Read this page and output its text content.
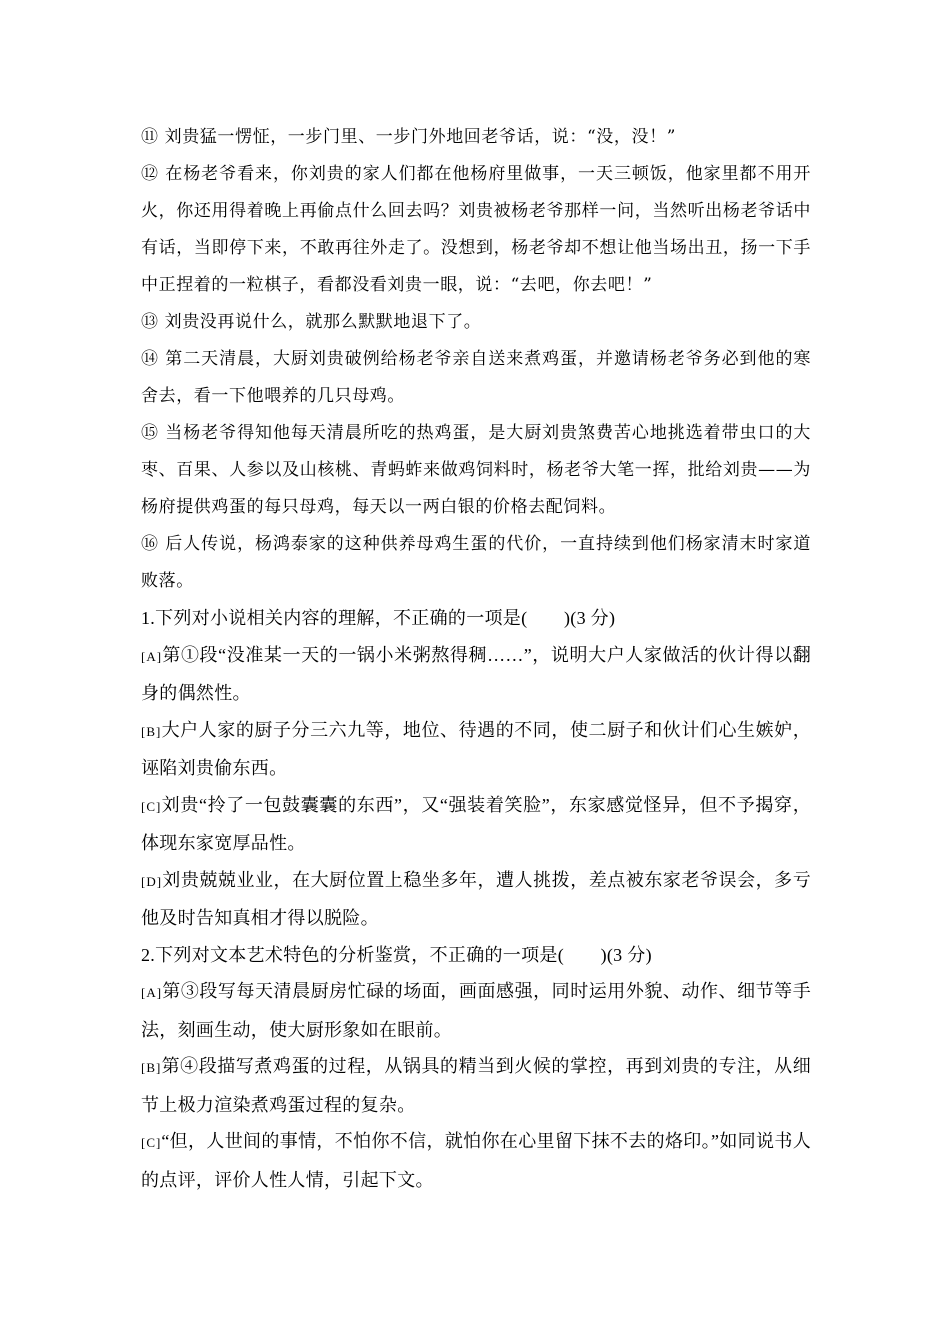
⑪ 刘贵猛一愣怔，一步门里、一步门外地回老爷话，说：“没，没！”

⑫ 在杨老爷看来，你刘贵的家人们都在他杨府里做事，一天三顿饭，他家里都不用开火，你还用得着晚上再偷点什么回去吗？刘贵被杨老爷那样一问，当然听出杨老爷话中有话，当即停下来，不敢再往外走了。没想到，杨老爷却不想让他当场出丑，扬一下手中正捏着的一粒棋子，看都没看刘贵一眼，说：“去吧，你去吧！”

⑬ 刘贵没再说什么，就那么默默地退下了。

⑭ 第二天清晨，大厨刘贵破例给杨老爷亲自送来煮鸡蛋，并邀请杨老爷务必到他的寒舍去，看一下他喂养的几只母鸡。

⑮ 当杨老爷得知他每天清晨所吃的热鸡蛋，是大厨刘贵煞费苦心地挑选着带虫口的大枣、百果、人参以及山核桃、青蚂蚱来做鸡饲料时，杨老爷大笔一挥，批给刘贵——为杨府提供鸡蛋的每只母鸡，每天以一两白银的价格去配饲料。

⑯ 后人传说，杨鸿泰家的这种供养母鸡生蛋的代价，一直持续到他们杨家清末时家道败落。

1.下列对小说相关内容的理解，不正确的一项是(　　)(3 分)

[A]第①段“没准某一天的一锅小米粥熬得稠……”，说明大户人家做活的伙计得以翻身的偶然性。

[B]大户人家的厨子分三六九等，地位、待遇的不同，使二厨子和伙计们心生嫉妒，诬陷刘贵偷东西。

[C]刘贵“拎了一包鼓囊囊的东西”，又“强装着笑脸”，东家感觉怪异，但不予揭穿，体现东家宽厚品性。

[D]刘贵兢兢业业，在大厨位置上稳坐多年，遭人挑拨，差点被东家老爷误会，多亏他及时告知真相才得以脱险。

2.下列对文本艺术特色的分析鉴赏，不正确的一项是(　　)(3 分)

[A]第③段写每天清晨厨房忙碌的场面，画面感强，同时运用外貌、动作、细节等手法，刻画生动，使大厨形象如在眼前。

[B]第④段描写煮鸡蛋的过程，从锅具的精当到火候的掌控，再到刘贵的专注，从细节上极力渲染煮鸡蛋过程的复杂。

[C]“但，人世间的事情，不怕你不信，就怕你在心里留下抹不去的烙印。”如同说书人的点评，评价人性人情，引起下文。
